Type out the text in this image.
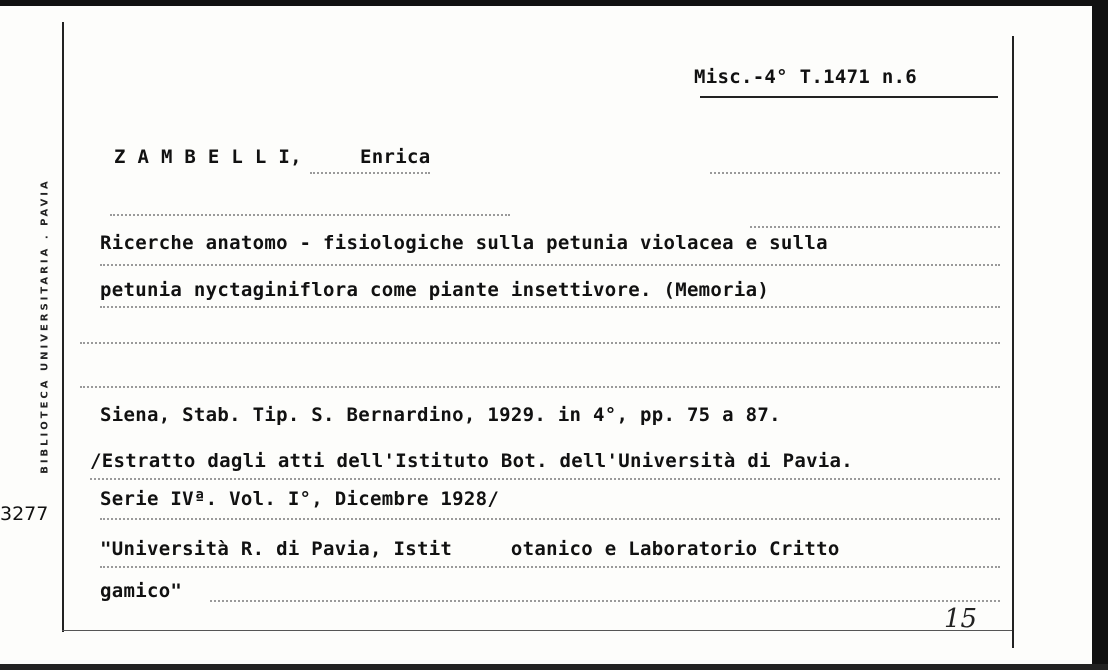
BIBLIOTECA UNIVERSITARIA . PAVIA
3277
Misc.-4° T.1471 n.6
Z A M B E L L I,	Enrica
Ricerche anatomo - fisiologiche sulla petunia violacea e sulla
petunia nyctaginiflora come piante insettivore. (Memoria)
Siena, Stab. Tip. S. Bernardino, 1929. in 4°, pp. 75 a 87.
/Estratto dagli atti dell'Istituto Bot. dell'Università di Pavia.
Serie IVª. Vol. I°, Dicembre 1928/
"Università R. di Pavia, Istit     otanico e Laboratorio Critto
gamico"
15
